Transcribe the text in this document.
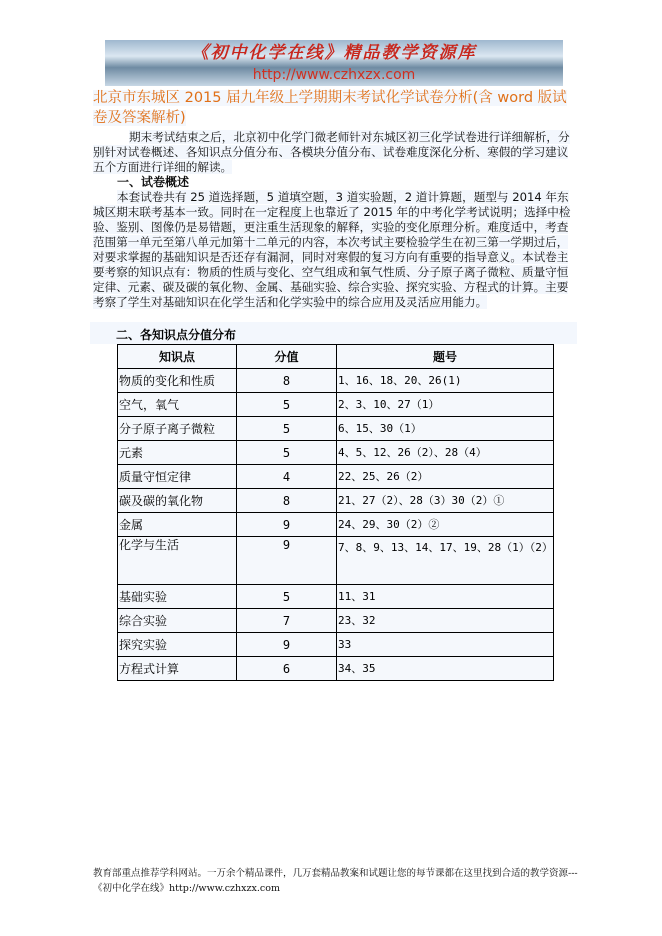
《初中化学在线》精品教学资源库
http://www.czhxzx.com
北京市东城区 2015 届九年级上学期期末考试化学试卷分析(含 word 版试卷及答案解析)
期末考试结束之后，北京初中化学门微老师针对东城区初三化学试卷进行详细解析，分别针对试卷概述、各知识点分值分布、各模块分值分布、试卷难度深化分析、寒假的学习建议五个方面进行详细的解读。
一、试卷概述
本套试卷共有 25 道选择题，5 道填空题，3 道实验题，2 道计算题，题型与 2014 年东城区期末联考基本一致。同时在一定程度上也靠近了 2015 年的中考化学考试说明；选择中检验、鉴别、图像仍是易错题，更注重生活现象的解释，实验的变化原理分析。难度适中，考查范围第一单元至第八单元加第十二单元的内容，本次考试主要检验学生在初三第一学期过后，对要求掌握的基础知识是否还存有漏洞，同时对寒假的复习方向有重要的指导意义。本试卷主要考察的知识点有：物质的性质与变化、空气组成和氧气性质、分子原子离子微粒、质量守恒定律、元素、碳及碳的氧化物、金属、基础实验、综合实验、探究实验、方程式的计算。主要考察了学生对基础知识在化学生活和化学实验中的综合应用及灵活应用能力。
二、各知识点分值分布
知识点	分值	题号
物质的变化和性质	8	1、16、18、20、26(1)
空气，氧气	5	2、3、10、27（1）
分子原子离子微粒	5	6、15、30（1）
元素	5	4、5、12、26（2）、28（4）
质量守恒定律	4	22、25、26（2）
碳及碳的氧化物	8	21、27（2）、28（3）30（2）①
金属	9	24、29、30（2）②
化学与生活	9	7、8、9、13、14、17、19、28（1）（2）
基础实验	5	11、31
综合实验	7	23、32
探究实验	9	33
方程式计算	6	34、35
教育部重点推荐学科网站。一万余个精品课件，几万套精品教案和试题让您的每节课都在这里找到合适的教学资源---《初中化学在线》http://www.czhxzx.com
